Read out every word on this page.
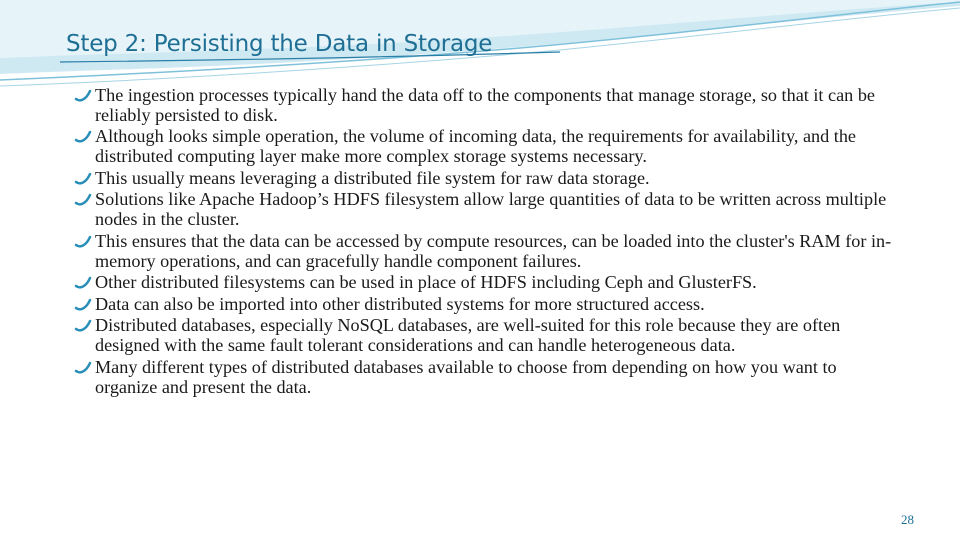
Step 2: Persisting the Data in Storage
The ingestion processes typically hand the data off to the components that manage storage, so that it can be reliably persisted to disk.
Although looks simple operation, the volume of incoming data, the requirements for availability, and the distributed computing layer make more complex storage systems necessary.
This usually means leveraging a distributed file system for raw data storage.
Solutions like Apache Hadoop’s HDFS filesystem allow large quantities of data to be written across multiple nodes in the cluster.
This ensures that the data can be accessed by compute resources, can be loaded into the cluster's RAM for in-memory operations, and can gracefully handle component failures.
Other distributed filesystems can be used in place of HDFS including Ceph and GlusterFS.
Data can also be imported into other distributed systems for more structured access.
Distributed databases, especially NoSQL databases, are well-suited for this role because they are often designed with the same fault tolerant considerations and can handle heterogeneous data.
Many different types of distributed databases available to choose from depending on how you want to organize and present the data.
28
